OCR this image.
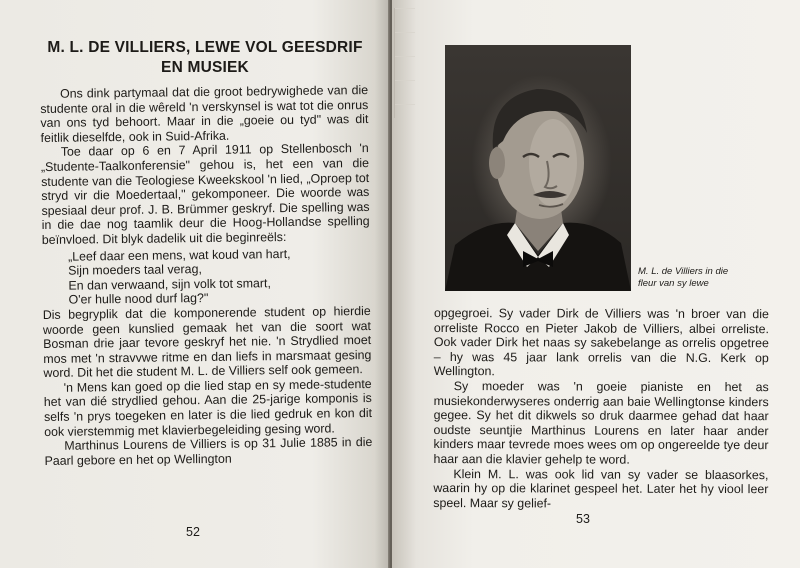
M. L. DE VILLIERS, LEWE VOL GEESDRIF
EN MUSIEK

Ons dink partymaal dat die groot bedrywighede van die studente oral in die wêreld 'n verskynsel is wat tot die onrus van ons tyd behoort. Maar in die „goeie ou tyd" was dit feitlik dieselfde, ook in Suid-Afrika.

Toe daar op 6 en 7 April 1911 op Stellenbosch 'n „Studente-Taalkonferensie" gehou is, het een van die studente van die Teologiese Kweekskool 'n lied, „Oproep tot stryd vir die Moedertaal," gekomponeer. Die woorde was spesiaal deur prof. J. B. Brümmer geskryf. Die spelling was in die dae nog taamlik deur die Hoog-Hollandse spelling beïnvloed. Dit blyk dadelik uit die beginreëls:

„Leef daar een mens, wat koud van hart,
Sijn moeders taal verag,
En dan verwaand, sijn volk tot smart,
O'er hulle nood durf lag?"

Dis begryplik dat die komponerende student op hierdie woorde geen kunslied gemaak het van die soort wat Bosman drie jaar tevore geskryf het nie. 'n Strydlied moet mos met 'n stravvwe ritme en dan liefs in marsmaat gesing word. Dit het die student M. L. de Villiers self ook gemeen.

'n Mens kan goed op die lied stap en sy mede-studente het van dié strydlied gehou. Aan die 25-jarige komponis is selfs 'n prys toegeken en later is die lied gedruk en kon dit ook vierstemmig met klavierbegeleiding gesing word.

Marthinus Lourens de Villiers is op 31 Julie 1885 in die Paarl gebore en het op Wellington

52
M. L. de Villiers in die
fleur van sy lewe

opgegroei. Sy vader Dirk de Villiers was 'n broer van die orreliste Rocco en Pieter Jakob de Villiers, albei orreliste. Ook vader Dirk het naas sy sakebelange as orrelis opgetree – hy was 45 jaar lank orrelis van die N.G. Kerk op Wellington.

Sy moeder was 'n goeie pianiste en het as musiekonderwyseres onderrig aan baie Wellingtonse kinders gegee. Sy het dit dikwels so druk daarmee gehad dat haar oudste seuntjie Marthinus Lourens en later haar ander kinders maar tevrede moes wees om op ongereelde tye deur haar aan die klavier gehelp te word.

Klein M. L. was ook lid van sy vader se blaasorkes, waarin hy op die klarinet gespeel het. Later het hy viool leer speel. Maar sy gelief-

53
